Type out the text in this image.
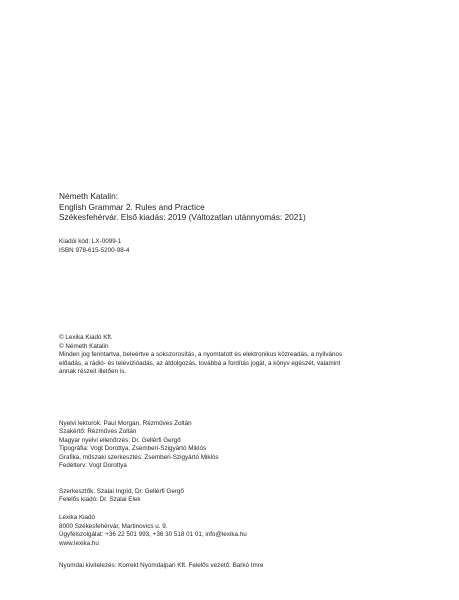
Németh Katalin:
English Grammar 2. Rules and Practice
Székesfehérvár. Első kiadás: 2019 (Változatlan utánnyomás: 2021)
Kiadói kód: LX-0099-1
ISBN 978-615-5200-98-4
© Lexika Kiadó Kft.
© Németh Katalin
Minden jog fenntartva, beleértve a sokszorosítás, a nyomtatott és elektronikus közreadás, a nyilvános
előadás, a rádió- és televízióadás, az átdolgozás, továbbá a fordítás jogát, a könyv egészét, valamint
annak részeit illetően is.
Nyelvi lektorok: Paul Morgan, Rézműves Zoltán
Szakértő: Rézműves Zoltán
Magyar nyelvi ellenőrzés: Dr. Gellérfi Gergő
Tipográfia: Vogt Dorottya, Zsemberi-Szigyártó Miklós
Grafika, műszaki szerkesztés: Zsemberi-Szigyártó Miklós
Fedélterv: Vogt Dorottya
Szerkesztők: Szalai Ingrid, Dr. Gellérfi Gergő
Felelős kiadó: Dr. Szalai Elek
Lexika Kiadó
8000 Székesfehérvár, Martinovics u. 9.
Ügyfélszolgálat: +36 22 501 993, +36 30 518 01 01; info@lexika.hu
www.lexika.hu
Nyomdai kivitelezés: Korrekt Nyomdaipari Kft. Felelős vezető: Barkó Imre
